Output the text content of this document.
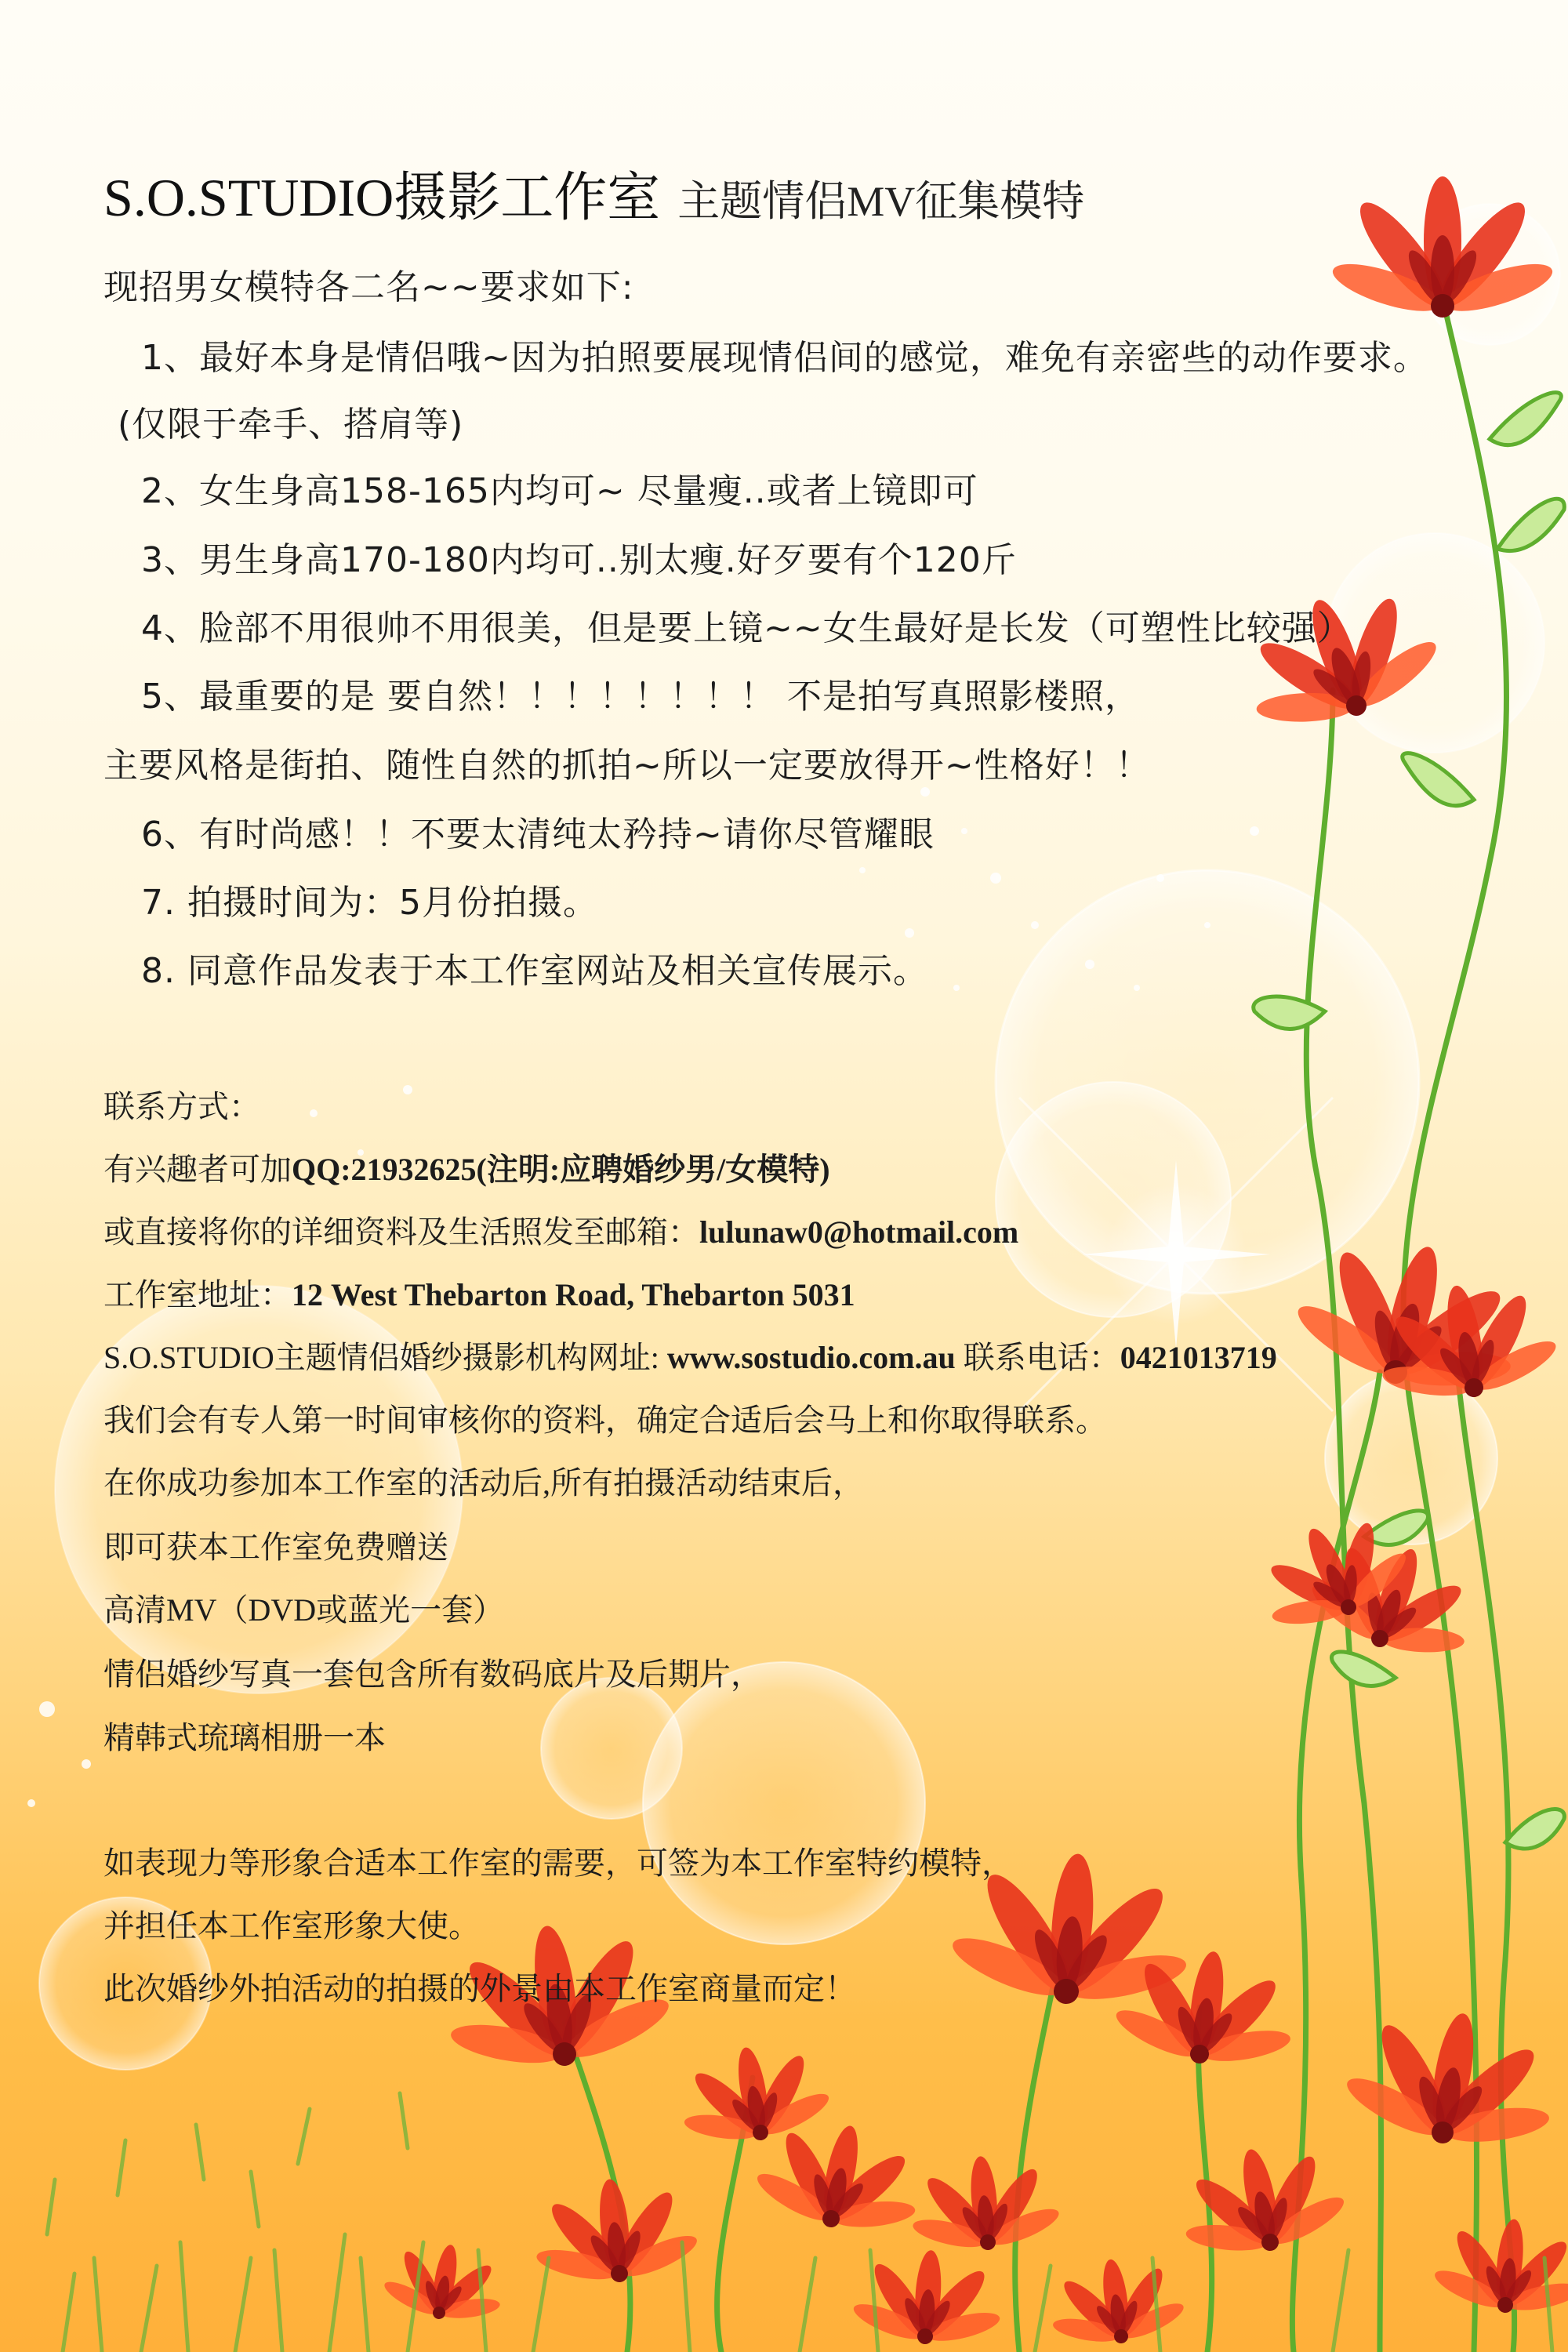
S.O.STUDIO摄影工作室 主题情侣MV征集模特
现招男女模特各二名~~要求如下:
1、最好本身是情侣哦~因为拍照要展现情侣间的感觉，难免有亲密些的动作要求。
(仅限于牵手、搭肩等)
2、女生身高158-165内均可~ 尽量瘦..或者上镜即可
3、男生身高170-180内均可..别太瘦.好歹要有个120斤
4、脸部不用很帅不用很美，但是要上镜~~女生最好是长发（可塑性比较强）
5、最重要的是 要自然！！！！！！！！ 不是拍写真照影楼照，
主要风格是街拍、随性自然的抓拍~所以一定要放得开~性格好！！
6、有时尚感！！不要太清纯太矜持~请你尽管耀眼
7. 拍摄时间为：5月份拍摄。
8. 同意作品发表于本工作室网站及相关宣传展示。
联系方式：
有兴趣者可加QQ:21932625(注明:应聘婚纱男/女模特)
或直接将你的详细资料及生活照发至邮箱：lulunaw0@hotmail.com
工作室地址：12 West Thebarton Road, Thebarton 5031
S.O.STUDIO主题情侣婚纱摄影机构网址: www.sostudio.com.au 联系电话：0421013719
我们会有专人第一时间审核你的资料，确定合适后会马上和你取得联系。
在你成功参加本工作室的活动后,所有拍摄活动结束后，
即可获本工作室免费赠送
高清MV（DVD或蓝光一套）
情侣婚纱写真一套包含所有数码底片及后期片，
精韩式琉璃相册一本
如表现力等形象合适本工作室的需要，可签为本工作室特约模特，
并担任本工作室形象大使。
此次婚纱外拍活动的拍摄的外景由本工作室商量而定！
